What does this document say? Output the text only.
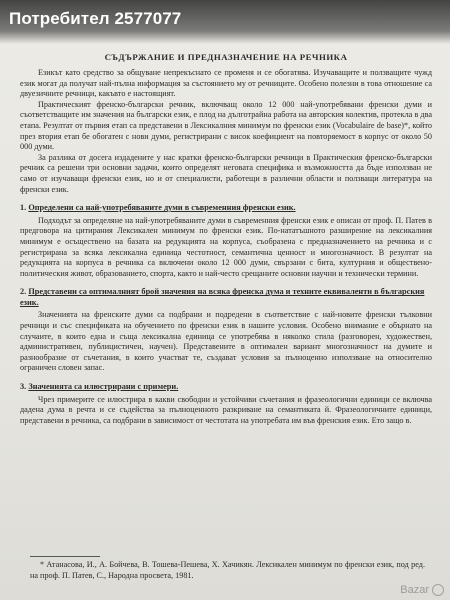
СЪДЪРЖАНИЕ И ПРЕДНАЗНАЧЕНИЕ НА РЕЧНИКА

Езикът като средство за общуване непрекъснато се променя и се обогатява. Изучаващите и ползващите чужд език могат да получат най-пълна информация за състоянието му от речниците. Особено полезни в това отношение са двуезичните речници, какъвто е настоящият.

Практическият френско-български речник, включващ около 12 000 най-употребявани френски думи и съответстващите им значения на български език, е плод на дълготрайна работа на авторския колектив, протекла в два етапа. Резултат от първия етап са представени в Лексикалния минимум по френски език (Vocabulaire de base)*, който през втория етап бе обогатен с нови думи, регистрирани с висок коефициент на повторяемост в корпус от около 50 000 думи.

За разлика от досега издадените у нас кратки френско-български речници в Практическия френско-български речник са решени три основни задачи, които определят неговата специфика и възможността да бъде използван не само от изучаващи френски език, но и от специалисти, работещи в различни области и ползващи литература на френски език.

1. Определени са най-употребяваните думи в съвременния френски език.

Подходът за определяне на най-употребяваните думи в съвременния френски език е описан от проф. П. Патев в предговора на цитирания Лексикален минимум по френски език. По-нататъшното разширение на лексикалния минимум е осъществено на базата на редукцията на корпуса, съобразена с предназначението на речника и с регистрирана за всяка лексикална единица честотност, семантична ценност и многозначност. В резултат на редукцията на корпуса в речника са включени около 12 000 думи, свързани с бита, културния и обществено-политическия живот, образованието, спорта, както и най-често срещаните основни научни и технически термини.

2. Представени са оптималният брой значения на всяка френска дума и техните еквиваленти в българския език.

Значенията на френските думи са подбрани и подредени в съответствие с най-новите френски тълковни речници и със спецификата на обучението по френски език в нашите условия. Особено внимание е обърнато на случаите, в които една и съща лексикална единица се употребява в няколко стила (разговорен, художествен, административен, публицистичен, научен). Представените в оптимален вариант многозначност на думите и разнообразие от съчетания, в които участват те, създават условия за пълноценно използване на относително ограничен словен запас.

3. Значенията са илюстрирани с примери.

Чрез примерите се илюстрира в какви свободни и устойчиви съчетания и фразеологични единици се включва дадена дума в речта и се съдейства за пълноценното разкриване на семантиката й. Фразеологичните единици, представени в речника, са подбрани в зависимост от честотата на употребата им във френския език. Ето защо в.

* Атанасова, И., А. Бойчева, В. Тошева-Пешева, Х. Хачикян. Лексикален минимум по френски език, под ред. на проф. П. Патев, С., Народна просвета, 1981.

Потребител 2577077
Bazar
